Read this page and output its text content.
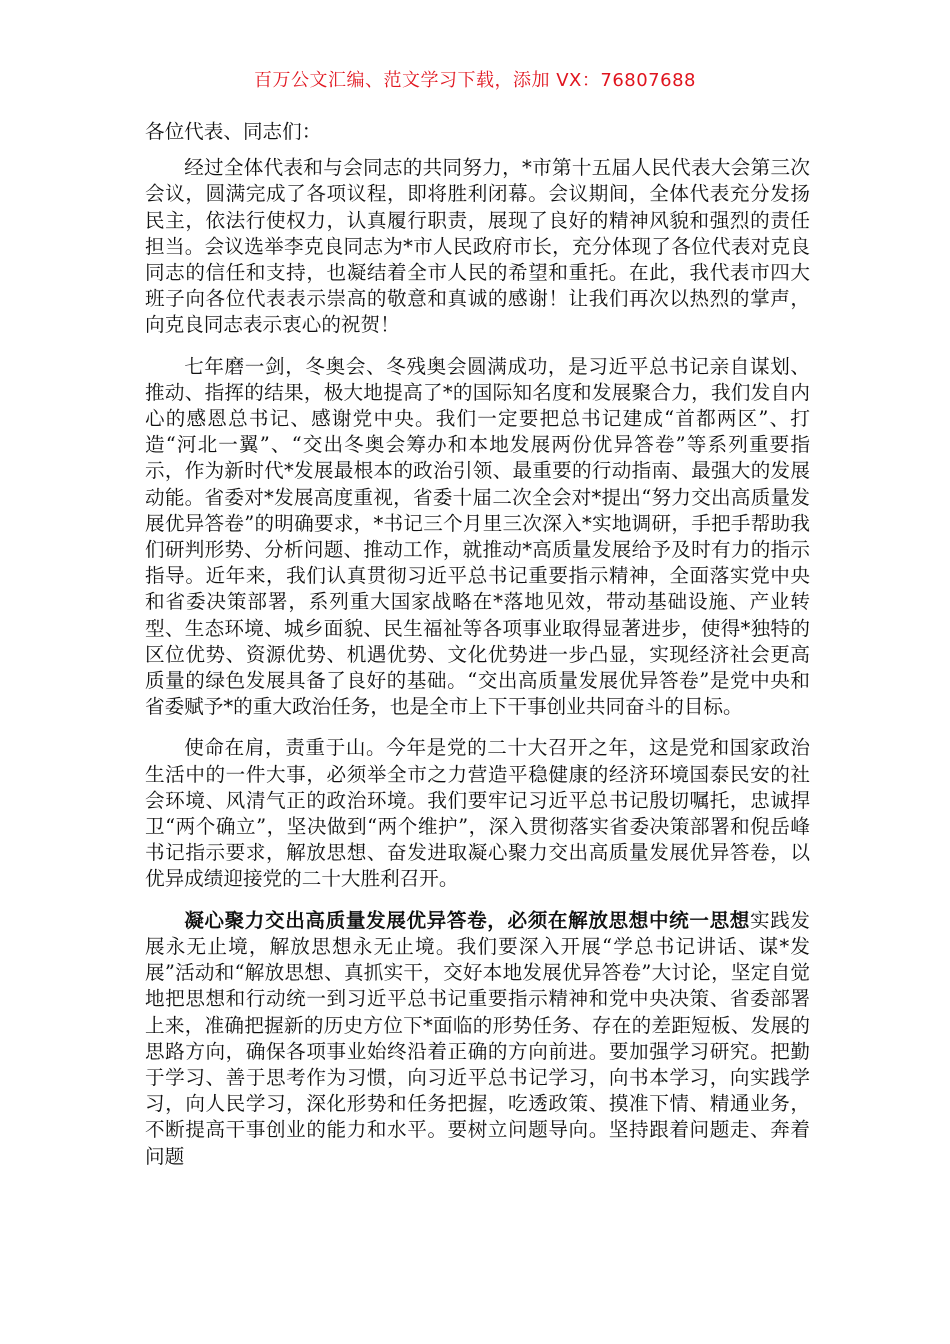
百万公文汇编、范文学习下载，添加 VX：76807688

各位代表、同志们：

经过全体代表和与会同志的共同努力，*市第十五届人民代表大会第三次会议，圆满完成了各项议程，即将胜利闭幕。会议期间，全体代表充分发扬民主，依法行使权力，认真履行职责，展现了良好的精神风貌和强烈的责任担当。会议选举李克良同志为*市人民政府市长，充分体现了各位代表对克良同志的信任和支持，也凝结着全市人民的希望和重托。在此，我代表市四大班子向各位代表表示崇高的敬意和真诚的感谢！让我们再次以热烈的掌声，向克良同志表示衷心的祝贺！

七年磨一剑，冬奥会、冬残奥会圆满成功，是习近平总书记亲自谋划、推动、指挥的结果，极大地提高了*的国际知名度和发展聚合力，我们发自内心的感恩总书记、感谢党中央。我们一定要把总书记建成“首都两区”、打造“河北一翼”、“交出冬奥会筹办和本地发展两份优异答卷”等系列重要指示，作为新时代*发展最根本的政治引领、最重要的行动指南、最强大的发展动能。省委对*发展高度重视，省委十届二次全会对*提出“努力交出高质量发展优异答卷”的明确要求，*书记三个月里三次深入*实地调研，手把手帮助我们研判形势、分析问题、推动工作，就推动*高质量发展给予及时有力的指示指导。近年来，我们认真贯彻习近平总书记重要指示精神，全面落实党中央和省委决策部署，系列重大国家战略在*落地见效，带动基础设施、产业转型、生态环境、城乡面貌、民生福祉等各项事业取得显著进步，使得*独特的区位优势、资源优势、机遇优势、文化优势进一步凸显，实现经济社会更高质量的绿色发展具备了良好的基础。“交出高质量发展优异答卷”是党中央和省委赋予*的重大政治任务，也是全市上下干事创业共同奋斗的目标。

使命在肩，责重于山。今年是党的二十大召开之年，这是党和国家政治生活中的一件大事，必须举全市之力营造平稳健康的经济环境国泰民安的社会环境、风清气正的政治环境。我们要牢记习近平总书记殷切嘱托，忠诚捍卫“两个确立”，坚决做到“两个维护”，深入贯彻落实省委决策部署和倪岳峰书记指示要求，解放思想、奋发进取凝心聚力交出高质量发展优异答卷，以优异成绩迎接党的二十大胜利召开。

凝心聚力交出高质量发展优异答卷，必须在解放思想中统一思想实践发展永无止境，解放思想永无止境。我们要深入开展“学总书记讲话、谋*发展”活动和“解放思想、真抓实干，交好本地发展优异答卷”大讨论，坚定自觉地把思想和行动统一到习近平总书记重要指示精神和党中央决策、省委部署上来，准确把握新的历史方位下*面临的形势任务、存在的差距短板、发展的思路方向，确保各项事业始终沿着正确的方向前进。要加强学习研究。把勤于学习、善于思考作为习惯，向习近平总书记学习，向书本学习，向实践学习，向人民学习，深化形势和任务把握，吃透政策、摸准下情、精通业务，不断提高干事创业的能力和水平。要树立问题导向。坚持跟着问题走、奔着问题
